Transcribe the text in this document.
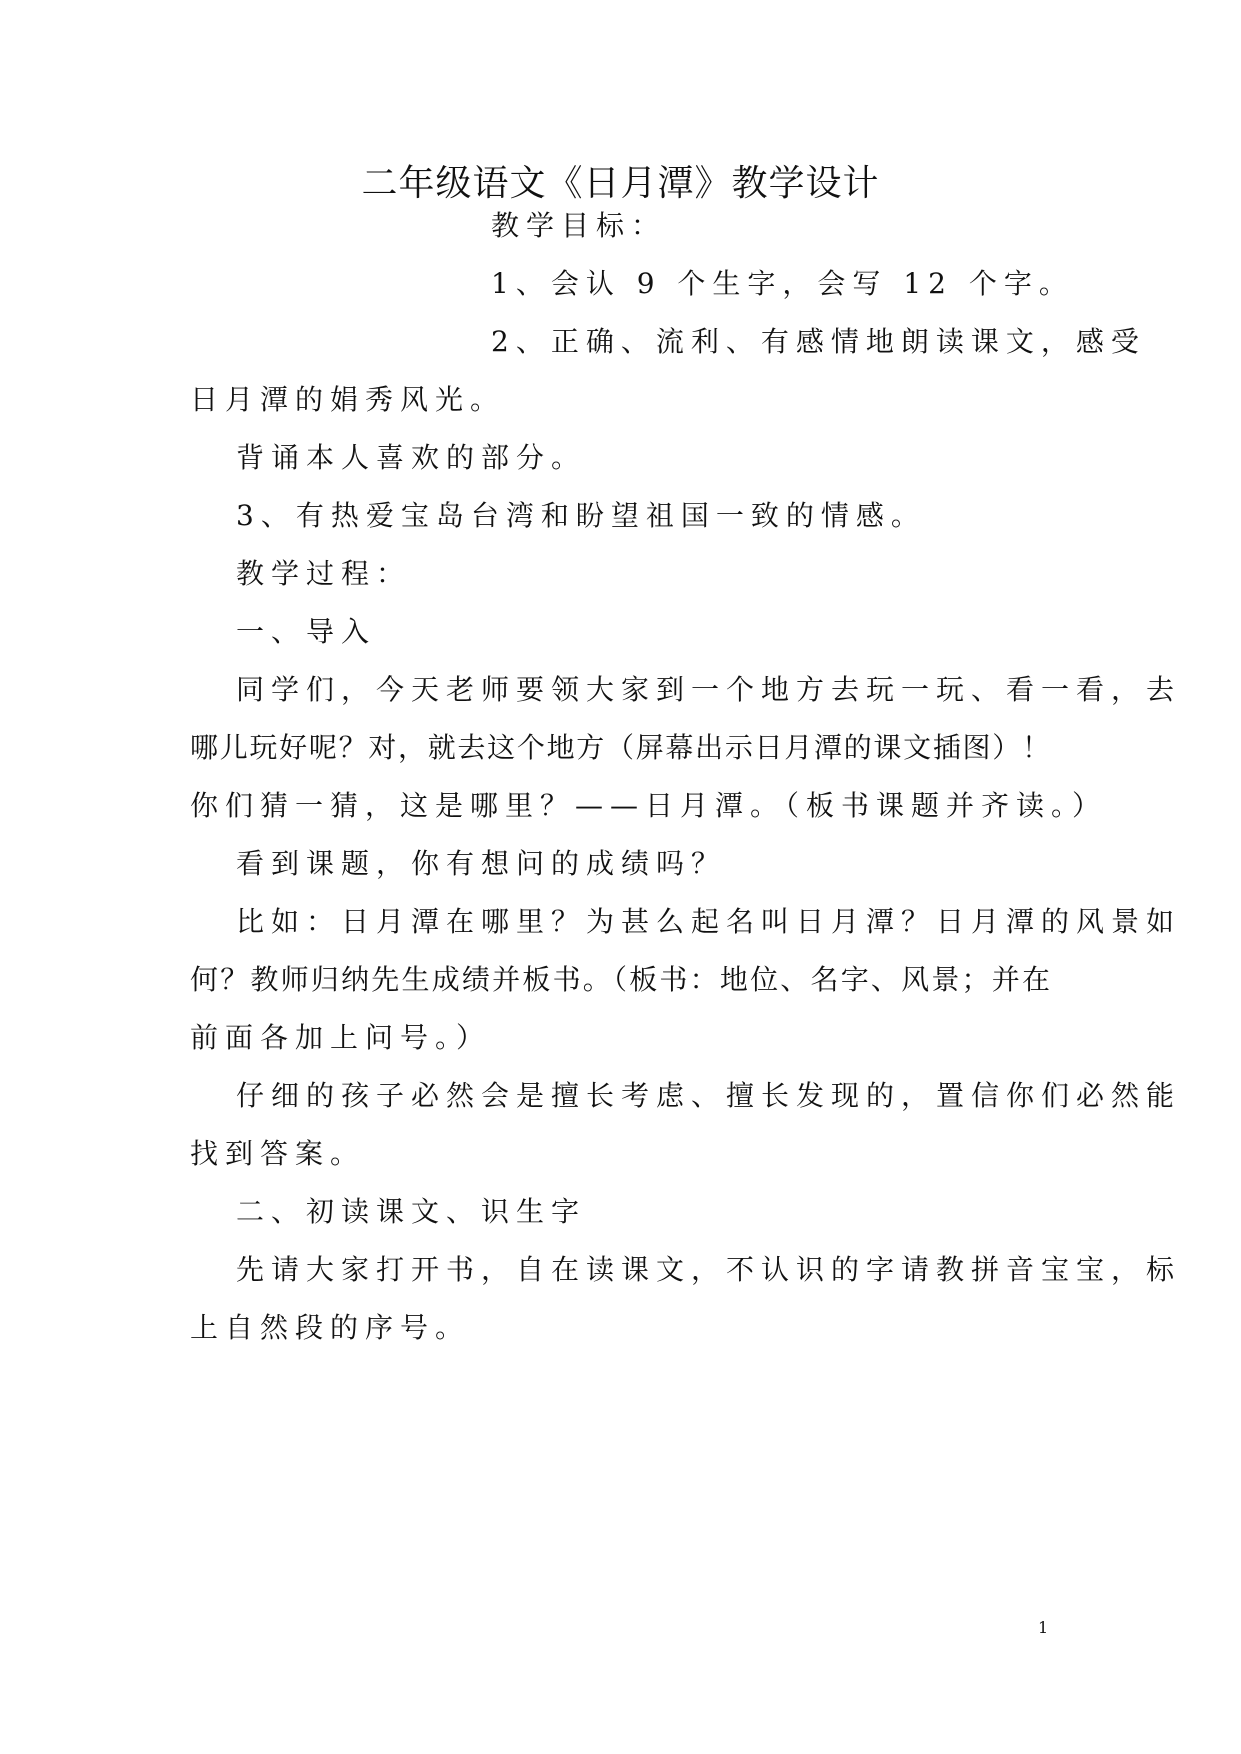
二年级语文《日月潭》教学设计

教学目标：

1、会认 9 个生字，会写 12 个字。

2、正确、流利、有感情地朗读课文，感受

日月潭的娟秀风光。

背诵本人喜欢的部分。

3、有热爱宝岛台湾和盼望祖国一致的情感。

教学过程：

一、导入

同学们，今天老师要领大家到一个地方去玩一玩、看一看，去

哪儿玩好呢？对，就去这个地方（屏幕出示日月潭的课文插图）！

你们猜一猜，这是哪里？——日月潭。（板书课题并齐读。）

看到课题，你有想问的成绩吗？

比如：日月潭在哪里？为甚么起名叫日月潭？日月潭的风景如

何？教师归纳先生成绩并板书。（板书：地位、名字、风景；并在

前面各加上问号。）

仔细的孩子必然会是擅长考虑、擅长发现的，置信你们必然能

找到答案。

二、初读课文、识生字

先请大家打开书，自在读课文，不认识的字请教拼音宝宝，标

上自然段的序号。

1
